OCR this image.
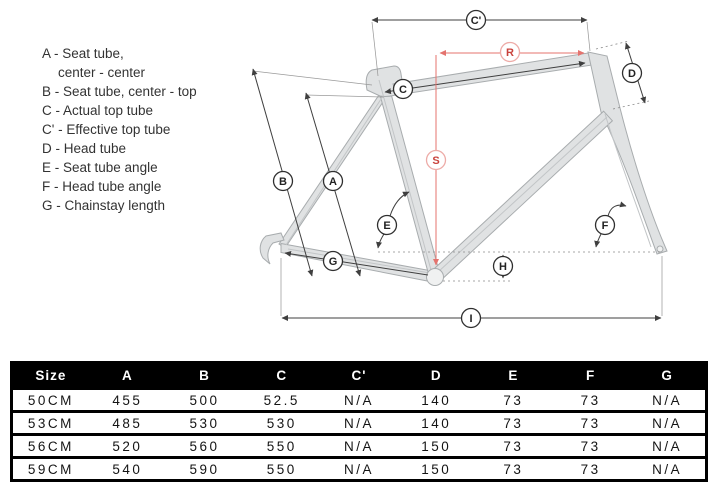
A - Seat tube,
center - center
B - Seat tube, center - top
C - Actual top tube
C' - Effective top tube
D - Head tube
E - Seat tube angle
F - Head tube angle
G - Chainstay length
C'
R
C
D
S
B	A
E	F
G	H
I
Size	A	B	C	C'	D	E	F	G
50CM	455	500	52.5	N/A	140	73	73	N/A
53CM	485	530	530	N/A	140	73	73	N/A
56CM	520	560	550	N/A	150	73	73	N/A
59CM	540	590	550	N/A	150	73	73	N/A
